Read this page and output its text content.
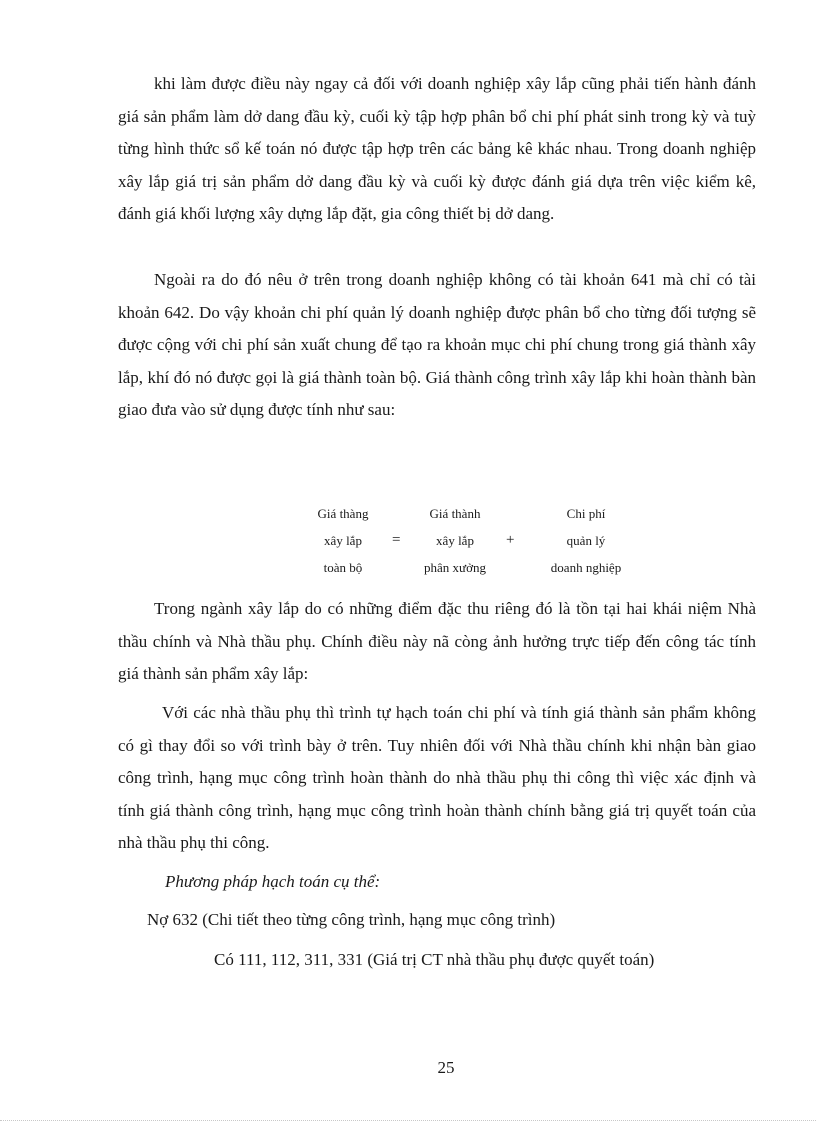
khi làm được điều này ngay cả đối với doanh nghiệp xây lắp cũng phải tiến hành đánh giá sản phẩm làm dở dang đầu kỳ, cuối kỳ tập hợp phân bổ chi phí phát sinh trong kỳ và tuỳ từng hình thức sổ kế toán nó được tập hợp trên các bảng kê khác nhau. Trong doanh nghiệp xây lắp giá trị sản phẩm dở dang đầu kỳ và cuối kỳ được đánh giá dựa trên việc kiểm kê, đánh giá khối lượng xây dựng lắp đặt, gia công thiết bị dở dang.

Ngoài ra do đó nêu ở trên trong doanh nghiệp không có tài khoản 641 mà chỉ có tài khoản 642. Do vậy khoản chi phí quản lý doanh nghiệp được phân bổ cho từng đối tượng sẽ được cộng với chi phí sản xuất chung để tạo ra khoản mục chi phí chung trong giá thành xây lắp, khí đó nó được gọi là giá thành toàn bộ. Giá thành công trình xây lắp khi hoàn thành bàn giao đưa vào sử dụng được tính như sau:

Giá thàng
xây lắp
toàn bộ
=
Giá thành
xây lắp
phân xưởng
+
Chi phí
quản lý
doanh nghiệp

Trong ngành xây lắp do có những điểm đặc thu riêng đó là tồn tại hai khái niệm Nhà thầu chính và Nhà thầu phụ. Chính điều này nã còng ảnh hưởng trực tiếp đến công tác tính giá thành sản phẩm xây lắp:

Với các nhà thầu phụ thì trình tự hạch toán chi phí và tính giá thành sản phẩm không có gì thay đổi so với trình bày ở trên. Tuy nhiên đối với Nhà thầu chính khi nhận bàn giao công trình, hạng mục công trình hoàn thành do nhà thầu phụ thi công thì việc xác định và tính giá thành công trình, hạng mục công trình hoàn thành chính bằng giá trị quyết toán của nhà thầu phụ thi công.

Phương pháp hạch toán cụ thể:

Nợ 632 (Chi tiết theo từng công trình, hạng mục công trình)

Có 111, 112, 311, 331 (Giá trị CT nhà thầu phụ được quyết toán)

25
